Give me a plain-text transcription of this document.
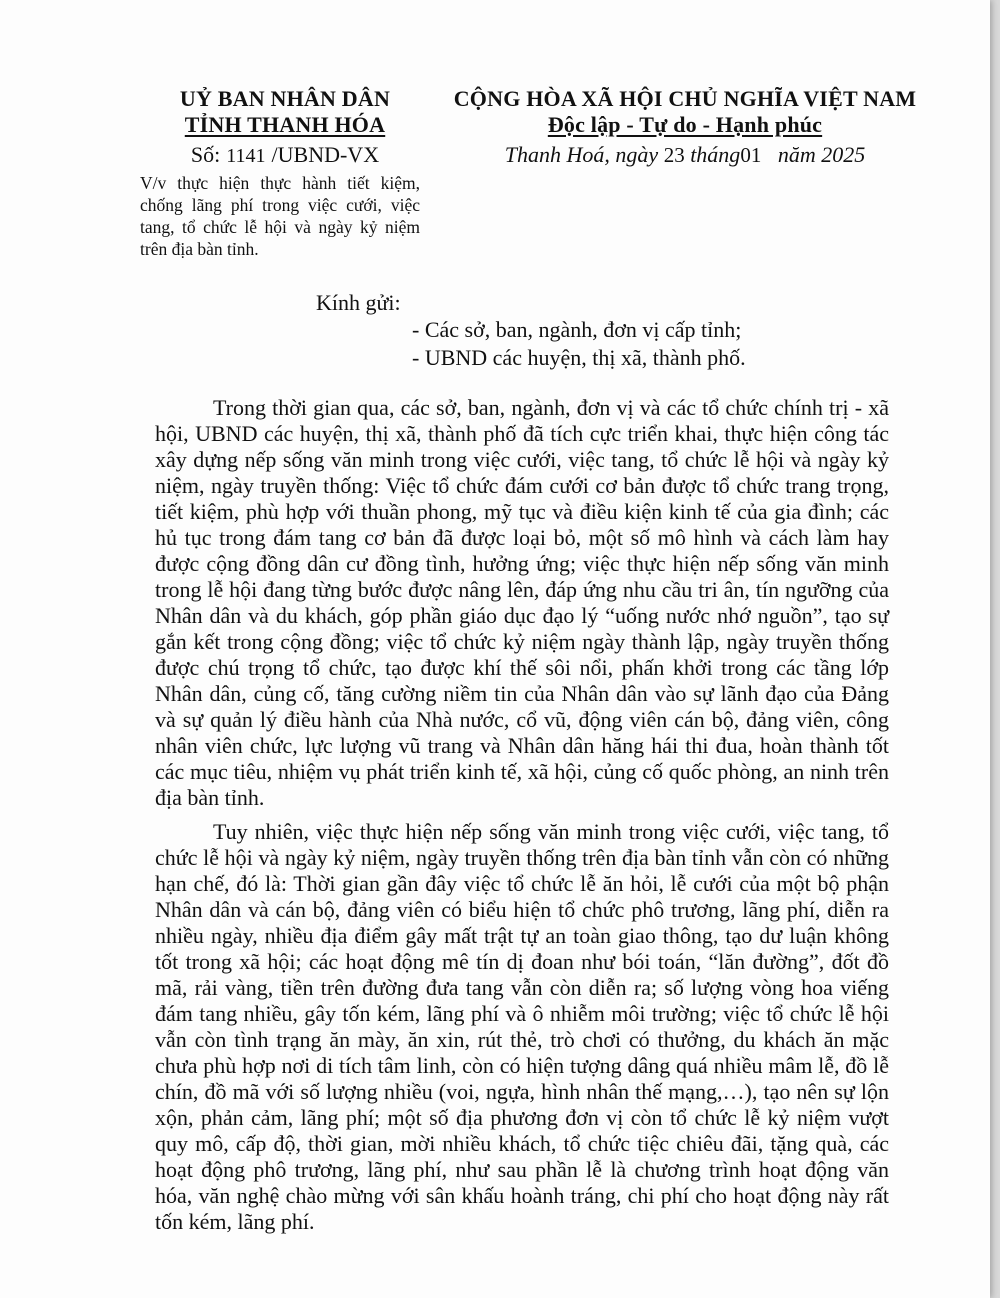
UỶ BAN NHÂN DÂN
TỈNH THANH HÓA
Số: 1141 /UBND-VX
CỘNG HÒA XÃ HỘI CHỦ NGHĨA VIỆT NAM
Độc lập - Tự do - Hạnh phúc
Thanh Hoá, ngày 23 tháng01 năm 2025
V/v thực hiện thực hành tiết kiệm, chống lãng phí trong việc cưới, việc tang, tổ chức lễ hội và ngày kỷ niệm trên địa bàn tỉnh.
Kính gửi:
- Các sở, ban, ngành, đơn vị cấp tỉnh;
- UBND các huyện, thị xã, thành phố.

Trong thời gian qua, các sở, ban, ngành, đơn vị và các tổ chức chính trị - xã hội, UBND các huyện, thị xã, thành phố đã tích cực triển khai, thực hiện công tác xây dựng nếp sống văn minh trong việc cưới, việc tang, tổ chức lễ hội và ngày kỷ niệm, ngày truyền thống: Việc tổ chức đám cưới cơ bản được tổ chức trang trọng, tiết kiệm, phù hợp với thuần phong, mỹ tục và điều kiện kinh tế của gia đình; các hủ tục trong đám tang cơ bản đã được loại bỏ, một số mô hình và cách làm hay được cộng đồng dân cư đồng tình, hưởng ứng; việc thực hiện nếp sống văn minh trong lễ hội đang từng bước được nâng lên, đáp ứng nhu cầu tri ân, tín ngưỡng của Nhân dân và du khách, góp phần giáo dục đạo lý “uống nước nhớ nguồn”, tạo sự gắn kết trong cộng đồng; việc tổ chức kỷ niệm ngày thành lập, ngày truyền thống được chú trọng tổ chức, tạo được khí thế sôi nổi, phấn khởi trong các tầng lớp Nhân dân, củng cố, tăng cường niềm tin của Nhân dân vào sự lãnh đạo của Đảng và sự quản lý điều hành của Nhà nước, cổ vũ, động viên cán bộ, đảng viên, công nhân viên chức, lực lượng vũ trang và Nhân dân hăng hái thi đua, hoàn thành tốt các mục tiêu, nhiệm vụ phát triển kinh tế, xã hội, củng cố quốc phòng, an ninh trên địa bàn tỉnh.

Tuy nhiên, việc thực hiện nếp sống văn minh trong việc cưới, việc tang, tổ chức lễ hội và ngày kỷ niệm, ngày truyền thống trên địa bàn tỉnh vẫn còn có những hạn chế, đó là: Thời gian gần đây việc tổ chức lễ ăn hỏi, lễ cưới của một bộ phận Nhân dân và cán bộ, đảng viên có biểu hiện tổ chức phô trương, lãng phí, diễn ra nhiều ngày, nhiều địa điểm gây mất trật tự an toàn giao thông, tạo dư luận không tốt trong xã hội; các hoạt động mê tín dị đoan như bói toán, “lăn đường”, đốt đồ mã, rải vàng, tiền trên đường đưa tang vẫn còn diễn ra; số lượng vòng hoa viếng đám tang nhiều, gây tốn kém, lãng phí và ô nhiễm môi trường; việc tổ chức lễ hội vẫn còn tình trạng ăn mày, ăn xin, rút thẻ, trò chơi có thưởng, du khách ăn mặc chưa phù hợp nơi di tích tâm linh, còn có hiện tượng dâng quá nhiều mâm lễ, đồ lễ chín, đồ mã với số lượng nhiều (voi, ngựa, hình nhân thế mạng,…), tạo nên sự lộn xộn, phản cảm, lãng phí; một số địa phương đơn vị còn tổ chức lễ kỷ niệm vượt quy mô, cấp độ, thời gian, mời nhiều khách, tổ chức tiệc chiêu đãi, tặng quà, các hoạt động phô trương, lãng phí, như sau phần lễ là chương trình hoạt động văn hóa, văn nghệ chào mừng với sân khấu hoành tráng, chi phí cho hoạt động này rất tốn kém, lãng phí.
